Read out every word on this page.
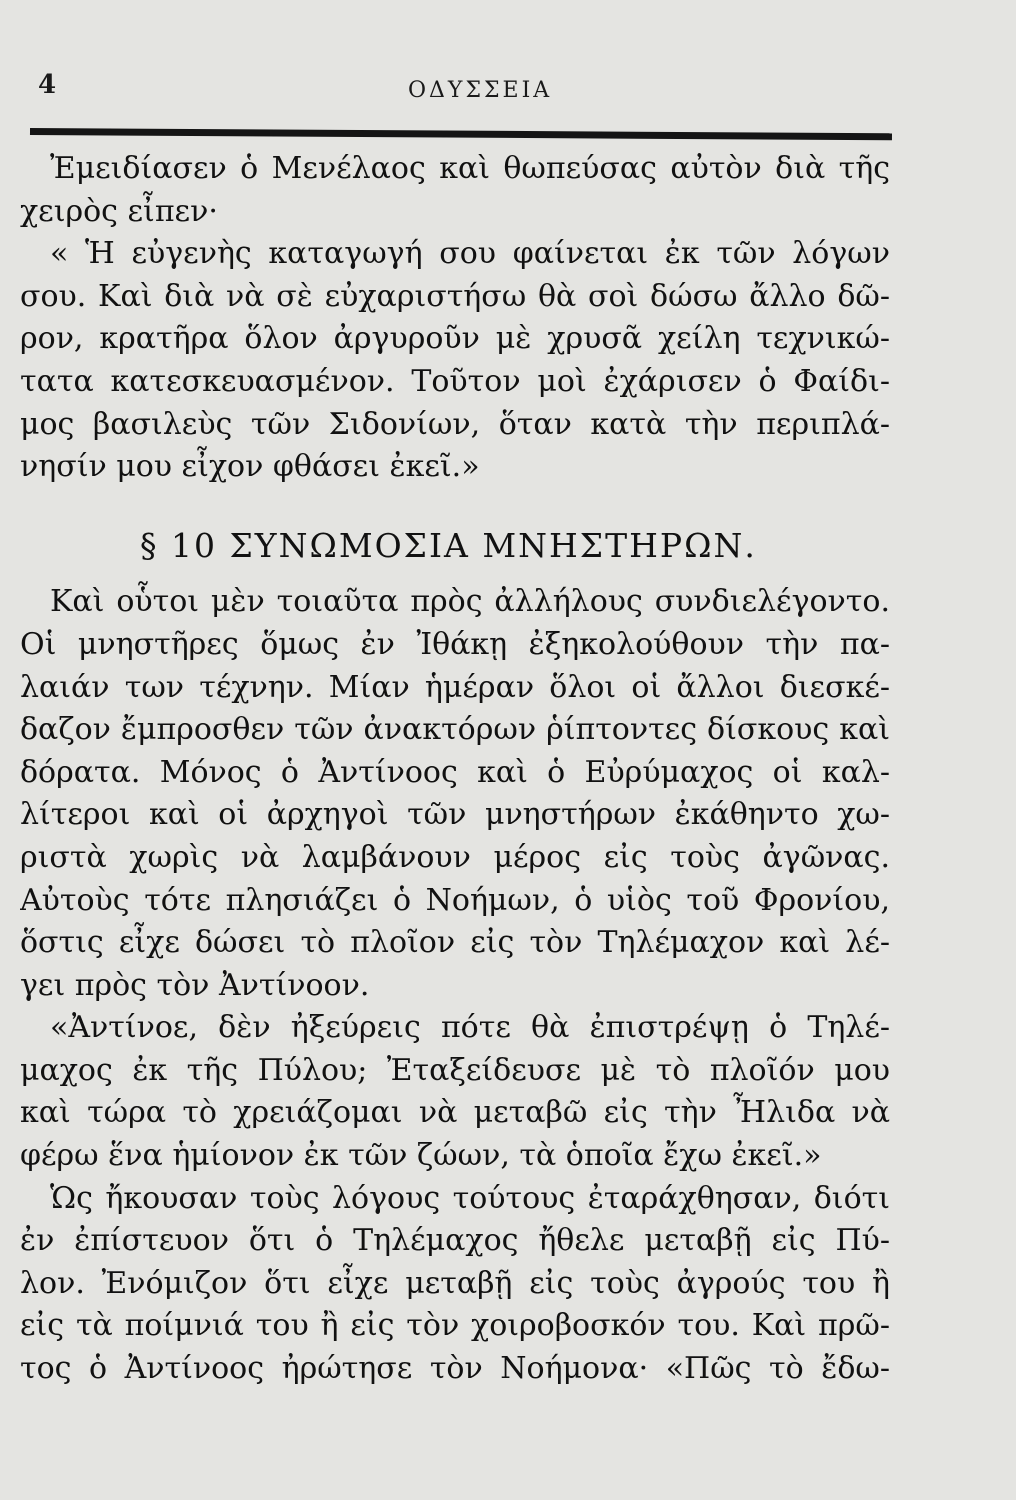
4	ΟΔΥΣΣΕΙΑ
Ἐμειδίασεν ὁ Μενέλαος καὶ θωπεύσας αὐτὸν διὰ τῆς
χειρὸς εἶπεν·
« Ἡ εὐγενὴς καταγωγή σου φαίνεται ἐκ τῶν λόγων
σου. Καὶ διὰ νὰ σὲ εὐχαριστήσω θὰ σοὶ δώσω ἄλλο δῶ-
ρον, κρατῆρα ὅλον ἀργυροῦν μὲ χρυσᾶ χείλη τεχνικώ-
τατα κατεσκευασμένον. Τοῦτον μοὶ ἐχάρισεν ὁ Φαίδι-
μος βασιλεὺς τῶν Σιδονίων, ὅταν κατὰ τὴν περιπλά-
νησίν μου εἶχον φθάσει ἐκεῖ.»
§ 10 ΣΥΝΩΜΟΣΙΑ ΜΝΗΣΤΗΡΩΝ.
Καὶ οὗτοι μὲν τοιαῦτα πρὸς ἀλλήλους συνδιελέγοντο.
Οἱ μνηστῆρες ὅμως ἐν Ἰθάκῃ ἐξηκολούθουν τὴν πα-
λαιάν των τέχνην. Μίαν ἡμέραν ὅλοι οἱ ἄλλοι διεσκέ-
δαζον ἔμπροσθεν τῶν ἀνακτόρων ῥίπτοντες δίσκους καὶ
δόρατα. Μόνος ὁ Ἀντίνοος καὶ ὁ Εὐρύμαχος οἱ καλ-
λίτεροι καὶ οἱ ἀρχηγοὶ τῶν μνηστήρων ἐκάθηντο χω-
ριστὰ χωρὶς νὰ λαμβάνουν μέρος εἰς τοὺς ἀγῶνας.
Αὐτοὺς τότε πλησιάζει ὁ Νοήμων, ὁ υἱὸς τοῦ Φρονίου,
ὅστις εἶχε δώσει τὸ πλοῖον εἰς τὸν Τηλέμαχον καὶ λέ-
γει πρὸς τὸν Ἀντίνοον.
«Ἀντίνοε, δὲν ἠξεύρεις πότε θὰ ἐπιστρέψῃ ὁ Τηλέ-
μαχος ἐκ τῆς Πύλου; Ἐταξείδευσε μὲ τὸ πλοῖόν μου
καὶ τώρα τὸ χρειάζομαι νὰ μεταβῶ εἰς τὴν Ἦλιδα νὰ
φέρω ἕνα ἡμίονον ἐκ τῶν ζώων, τὰ ὁποῖα ἔχω ἐκεῖ.»
Ὡς ἤκουσαν τοὺς λόγους τούτους ἐταράχθησαν, διότι
ἐν ἐπίστευον ὅτι ὁ Τηλέμαχος ἤθελε μεταβῇ εἰς Πύ-
λον. Ἐνόμιζον ὅτι εἶχε μεταβῇ εἰς τοὺς ἀγρούς του ἢ
εἰς τὰ ποίμνιά του ἢ εἰς τὸν χοιροβοσκόν του. Καὶ πρῶ-
τος ὁ Ἀντίνοος ἠρώτησε τὸν Νοήμονα· «Πῶς τὸ ἔδω-
